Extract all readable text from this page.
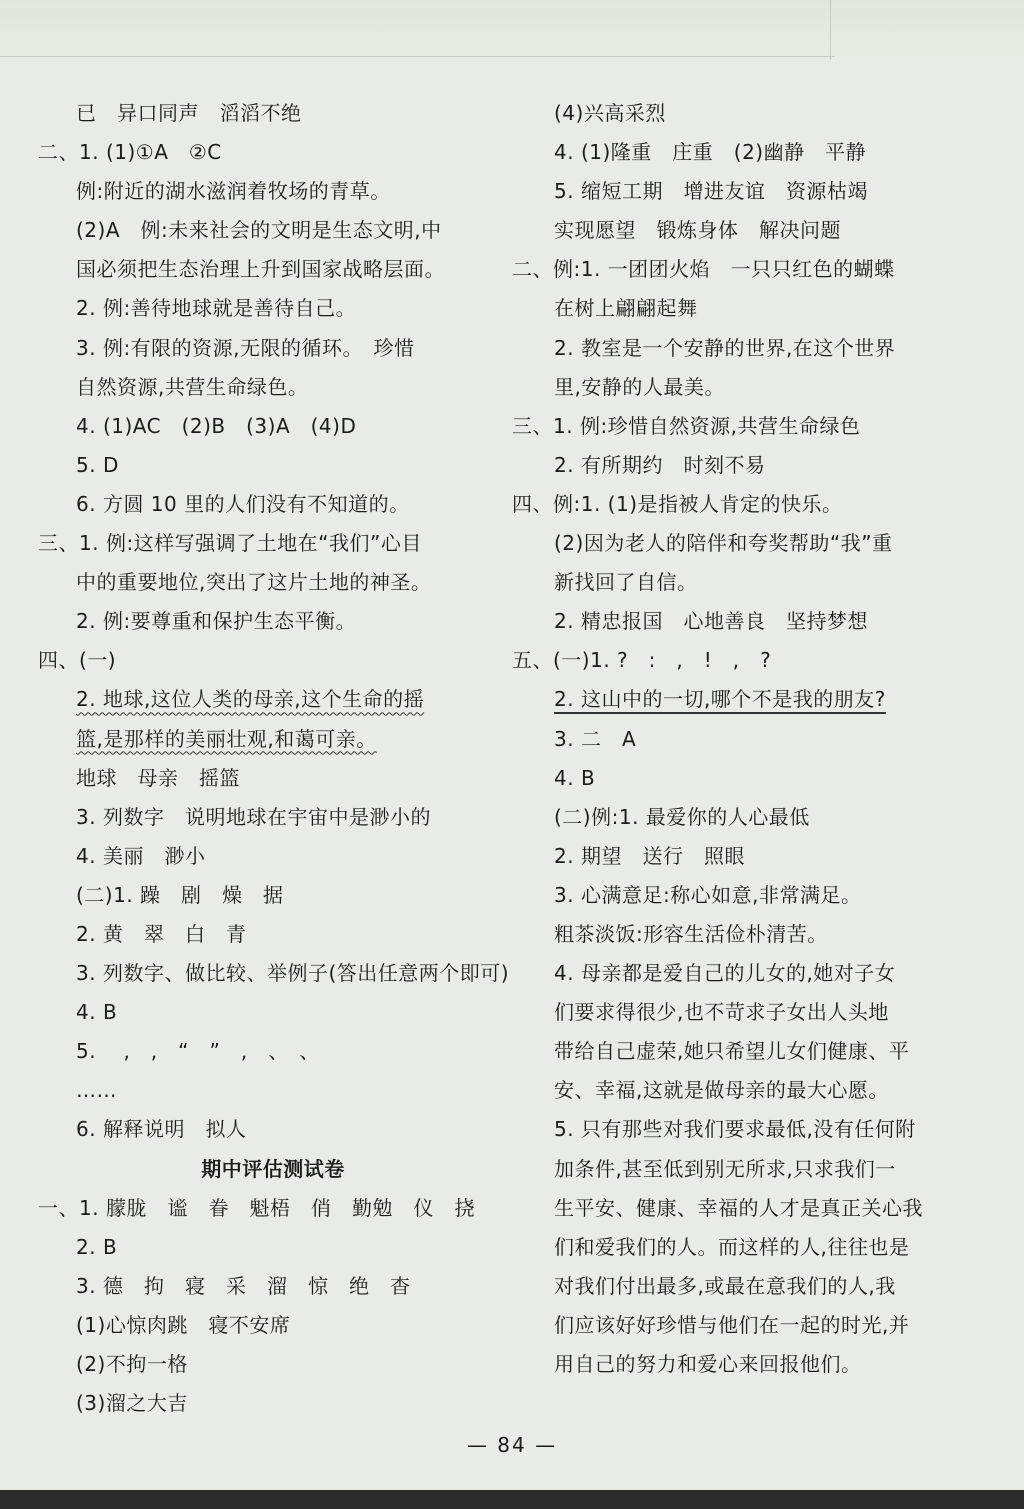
已　异口同声　滔滔不绝
二、1. (1)①A　②C
例:附近的湖水滋润着牧场的青草。
(2)A　例:未来社会的文明是生态文明,中
国必须把生态治理上升到国家战略层面。
2. 例:善待地球就是善待自己。
3. 例:有限的资源,无限的循环。　珍惜
自然资源,共营生命绿色。
4. (1)AC　(2)B　(3)A　(4)D
5. D
6. 方圆 10 里的人们没有不知道的。
三、1. 例:这样写强调了土地在“我们”心目
中的重要地位,突出了这片土地的神圣。
2. 例:要尊重和保护生态平衡。
四、(一)
2. 地球,这位人类的母亲,这个生命的摇
篮,是那样的美丽壮观,和蔼可亲。
地球　母亲　摇篮
3. 列数字　说明地球在宇宙中是渺小的
4. 美丽　渺小
(二)1. 躁　剧　燥　据
2. 黄　翠　白　青
3. 列数字、做比较、举例子(答出任意两个即可)
4. B
5. 　,　,　“　”　,　、　、
……
6. 解释说明　拟人
期中评估测试卷
一、1. 朦胧　谧　眷　魁梧　俏　勤勉　仪　挠
2. B
3. 德　拘　寝　采　溜　惊　绝　杳
(1)心惊肉跳　寝不安席
(2)不拘一格
(3)溜之大吉
(4)兴高采烈
4. (1)隆重　庄重　(2)幽静　平静
5. 缩短工期　增进友谊　资源枯竭
实现愿望　锻炼身体　解决问题
二、例:1. 一团团火焰　一只只红色的蝴蝶
在树上翩翩起舞
2. 教室是一个安静的世界,在这个世界
里,安静的人最美。
三、1. 例:珍惜自然资源,共营生命绿色
2. 有所期约　时刻不易
四、例:1. (1)是指被人肯定的快乐。
(2)因为老人的陪伴和夸奖帮助“我”重
新找回了自信。
2. 精忠报国　心地善良　坚持梦想
五、(一)1. ?　:　,　!　,　?
2. 这山中的一切,哪个不是我的朋友?
3. 二　A
4. B
(二)例:1. 最爱你的人心最低
2. 期望　送行　照眼
3. 心满意足:称心如意,非常满足。
粗茶淡饭:形容生活俭朴清苦。
4. 母亲都是爱自己的儿女的,她对子女
们要求得很少,也不苛求子女出人头地
带给自己虚荣,她只希望儿女们健康、平
安、幸福,这就是做母亲的最大心愿。
5. 只有那些对我们要求最低,没有任何附
加条件,甚至低到别无所求,只求我们一
生平安、健康、幸福的人才是真正关心我
们和爱我们的人。而这样的人,往往也是
对我们付出最多,或最在意我们的人,我
们应该好好珍惜与他们在一起的时光,并
用自己的努力和爱心来回报他们。
— 84 —
